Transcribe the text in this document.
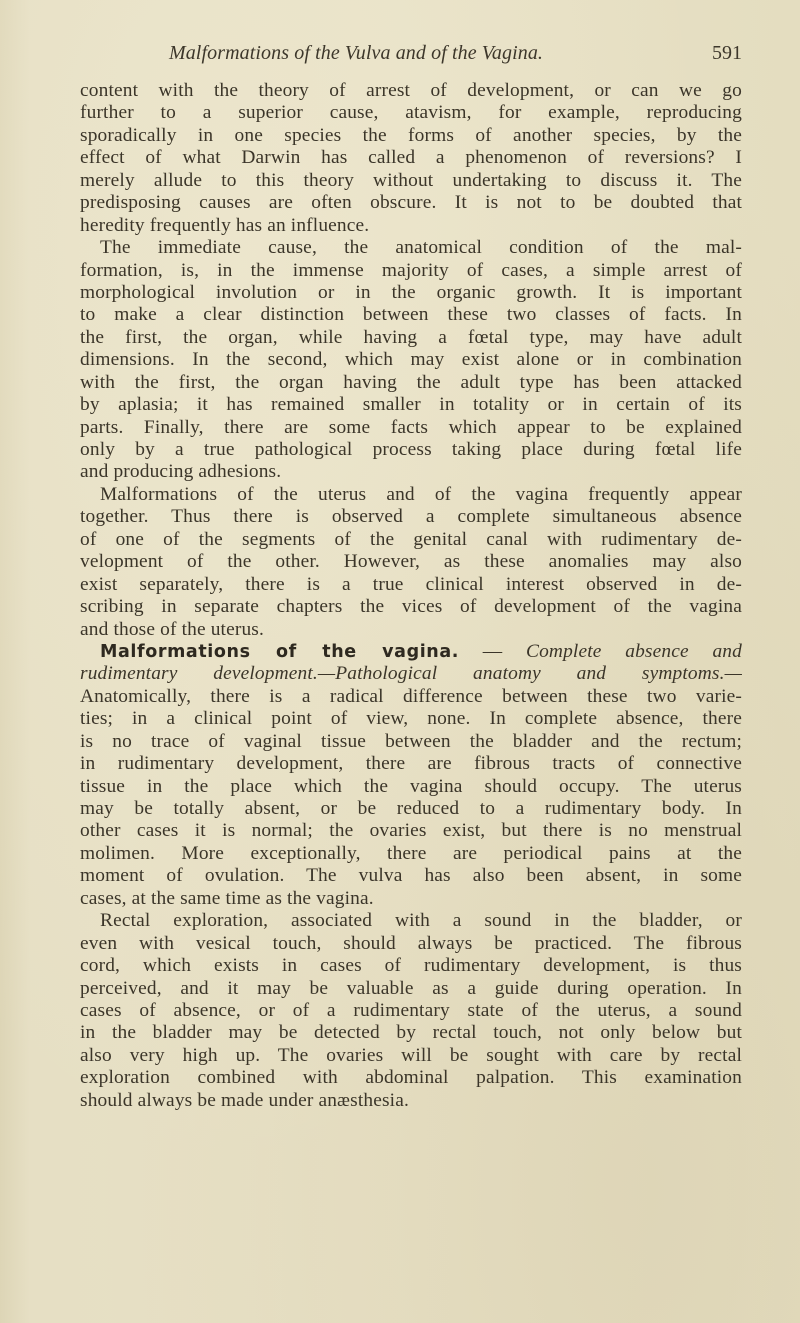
Malformations of the Vulva and of the Vagina.	591
content with the theory of arrest of development, or can we go
further to a superior cause, atavism, for example, reproducing
sporadically in one species the forms of another species, by the
effect of what Darwin has called a phenomenon of reversions? I
merely allude to this theory without undertaking to discuss it. The
predisposing causes are often obscure. It is not to be doubted that
heredity frequently has an influence.
The immediate cause, the anatomical condition of the mal-
formation, is, in the immense majority of cases, a simple arrest of
morphological involution or in the organic growth. It is important
to make a clear distinction between these two classes of facts. In
the first, the organ, while having a fœtal type, may have adult
dimensions. In the second, which may exist alone or in combination
with the first, the organ having the adult type has been attacked
by aplasia; it has remained smaller in totality or in certain of its
parts. Finally, there are some facts which appear to be explained
only by a true pathological process taking place during fœtal life
and producing adhesions.
Malformations of the uterus and of the vagina frequently appear
together. Thus there is observed a complete simultaneous absence
of one of the segments of the genital canal with rudimentary de-
velopment of the other. However, as these anomalies may also
exist separately, there is a true clinical interest observed in de-
scribing in separate chapters the vices of development of the vagina
and those of the uterus.
Malformations of the vagina. — Complete absence and
rudimentary development.—Pathological anatomy and symptoms.—
Anatomically, there is a radical difference between these two varie-
ties; in a clinical point of view, none. In complete absence, there
is no trace of vaginal tissue between the bladder and the rectum;
in rudimentary development, there are fibrous tracts of connective
tissue in the place which the vagina should occupy. The uterus
may be totally absent, or be reduced to a rudimentary body. In
other cases it is normal; the ovaries exist, but there is no menstrual
molimen. More exceptionally, there are periodical pains at the
moment of ovulation. The vulva has also been absent, in some
cases, at the same time as the vagina.
Rectal exploration, associated with a sound in the bladder, or
even with vesical touch, should always be practiced. The fibrous
cord, which exists in cases of rudimentary development, is thus
perceived, and it may be valuable as a guide during operation. In
cases of absence, or of a rudimentary state of the uterus, a sound
in the bladder may be detected by rectal touch, not only below but
also very high up. The ovaries will be sought with care by rectal
exploration combined with abdominal palpation. This examination
should always be made under anæsthesia.
